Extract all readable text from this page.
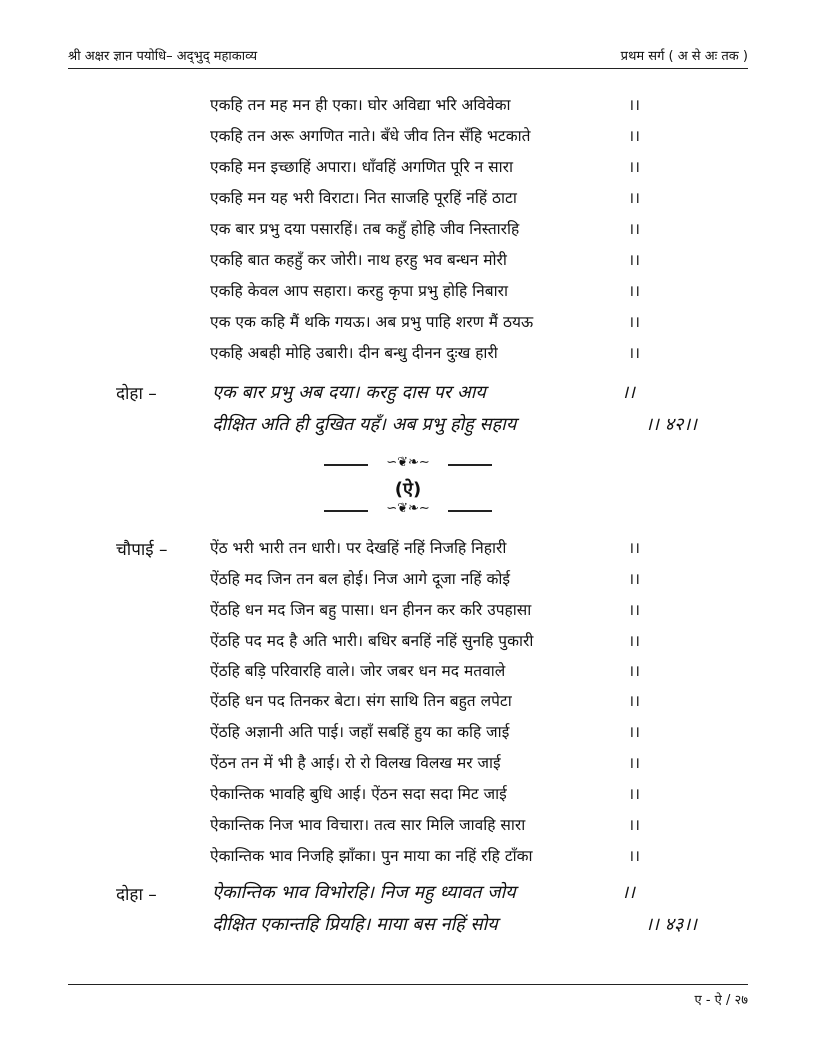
श्री अक्षर ज्ञान पयोधि– अद्‌भुद् महाकाव्य	प्रथम सर्ग ( अ से अः तक )
एकहि तन मह मन ही एका। घोर अविद्या भरि अविवेका	।।
एकहि तन अरू अगणित नाते। बँधे जीव तिन सँहि भटकाते	।।
एकहि मन इच्छाहिं अपारा। धाँवहिं अगणित पूरि न सारा	।।
एकहि मन यह भरी विराटा। नित साजहि पूरहिं नहिं ठाटा	।।
एक बार प्रभु दया पसारहिं। तब कहुँ होहि जीव निस्तारहि	।।
एकहि बात कहहुँ कर जोरी। नाथ हरहु भव बन्धन मोरी	।।
एकहि केवल आप सहारा। करहु कृपा प्रभु होहि निबारा	।।
एक एक कहि मैं थकि गयऊ। अब प्रभु पाहि शरण मैं ठयऊ	।।
एकहि अबही मोहि उबारी। दीन बन्धु दीनन दुःख हारी	।।
दोहा –	एक बार प्रभु अब दया। करहु दास पर आय	।।
दीक्षित अति ही दुखित यहँ। अब प्रभु होहु सहाय	।। ४२।।
∽❦❧∼
(ऐ)
∽❦❧∼
चौपाई –	ऐंठ भरी भारी तन धारी। पर देखहिं नहिं निजहि निहारी	।।
ऐंठहि मद जिन तन बल होई। निज आगे दूजा नहिं कोई	।।
ऐंठहि धन मद जिन बहु पासा। धन हीनन कर करि उपहासा	।।
ऐंठहि पद मद है अति भारी। बधिर बनहिं नहिं सुनहि पुकारी	।।
ऐंठहि बड़ि परिवारहि वाले। जोर जबर धन मद मतवाले	।।
ऐंठहि धन पद तिनकर बेटा। संग साथि तिन बहुत लपेटा	।।
ऐंठहि अज्ञानी अति पाई। जहाँ सबहिं हुय का कहि जाई	।।
ऐंठन तन में भी है आई। रो रो विलख विलख मर जाई	।।
ऐकान्तिक भावहि बुधि आई। ऐंठन सदा सदा मिट जाई	।।
ऐकान्तिक निज भाव विचारा। तत्व सार मिलि जावहि सारा	।।
ऐकान्तिक भाव निजहि झाँका। पुन माया का नहिं रहि टाँका	।।
दोहा –	ऐकान्तिक भाव विभोरहि। निज महु ध्यावत जोय	।।
दीक्षित एकान्तहि प्रियहि। माया बस नहिं सोय	।। ४३।।
ए - ऐ / २७
